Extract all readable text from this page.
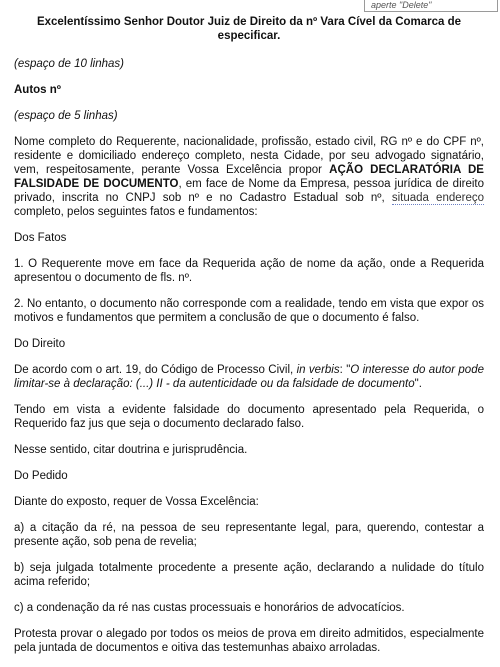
aperte "Delete"
Excelentíssimo Senhor Doutor Juiz de Direito da nº Vara Cível da Comarca de especificar.

(espaço de 10 linhas)

Autos nº

(espaço de 5 linhas)

Nome completo do Requerente, nacionalidade, profissão, estado civil, RG nº e do CPF nº, residente e domiciliado endereço completo, nesta Cidade, por seu advogado signatário, vem, respeitosamente, perante Vossa Excelência propor AÇÃO DECLARATÓRIA DE FALSIDADE DE DOCUMENTO, em face de Nome da Empresa, pessoa jurídica de direito privado, inscrita no CNPJ sob nº e no Cadastro Estadual sob nº, situada endereço completo, pelos seguintes fatos e fundamentos:

Dos Fatos

1. O Requerente move em face da Requerida ação de nome da ação, onde a Requerida apresentou o documento de fls. nº.

2. No entanto, o documento não corresponde com a realidade, tendo em vista que expor os motivos e fundamentos que permitem a conclusão de que o documento é falso.

Do Direito

De acordo com o art. 19, do Código de Processo Civil, in verbis: "O interesse do autor pode limitar-se à declaração: (...) II - da autenticidade ou da falsidade de documento".

Tendo em vista a evidente falsidade do documento apresentado pela Requerida, o Requerido faz jus que seja o documento declarado falso.

Nesse sentido, citar doutrina e jurisprudência.

Do Pedido

Diante do exposto, requer de Vossa Excelência:

a) a citação da ré, na pessoa de seu representante legal, para, querendo, contestar a presente ação, sob pena de revelia;

b) seja julgada totalmente procedente a presente ação, declarando a nulidade do título acima referido;

c) a condenação da ré nas custas processuais e honorários de advocatícios.

Protesta provar o alegado por todos os meios de prova em direito admitidos, especialmente pela juntada de documentos e oitiva das testemunhas abaixo arroladas.
